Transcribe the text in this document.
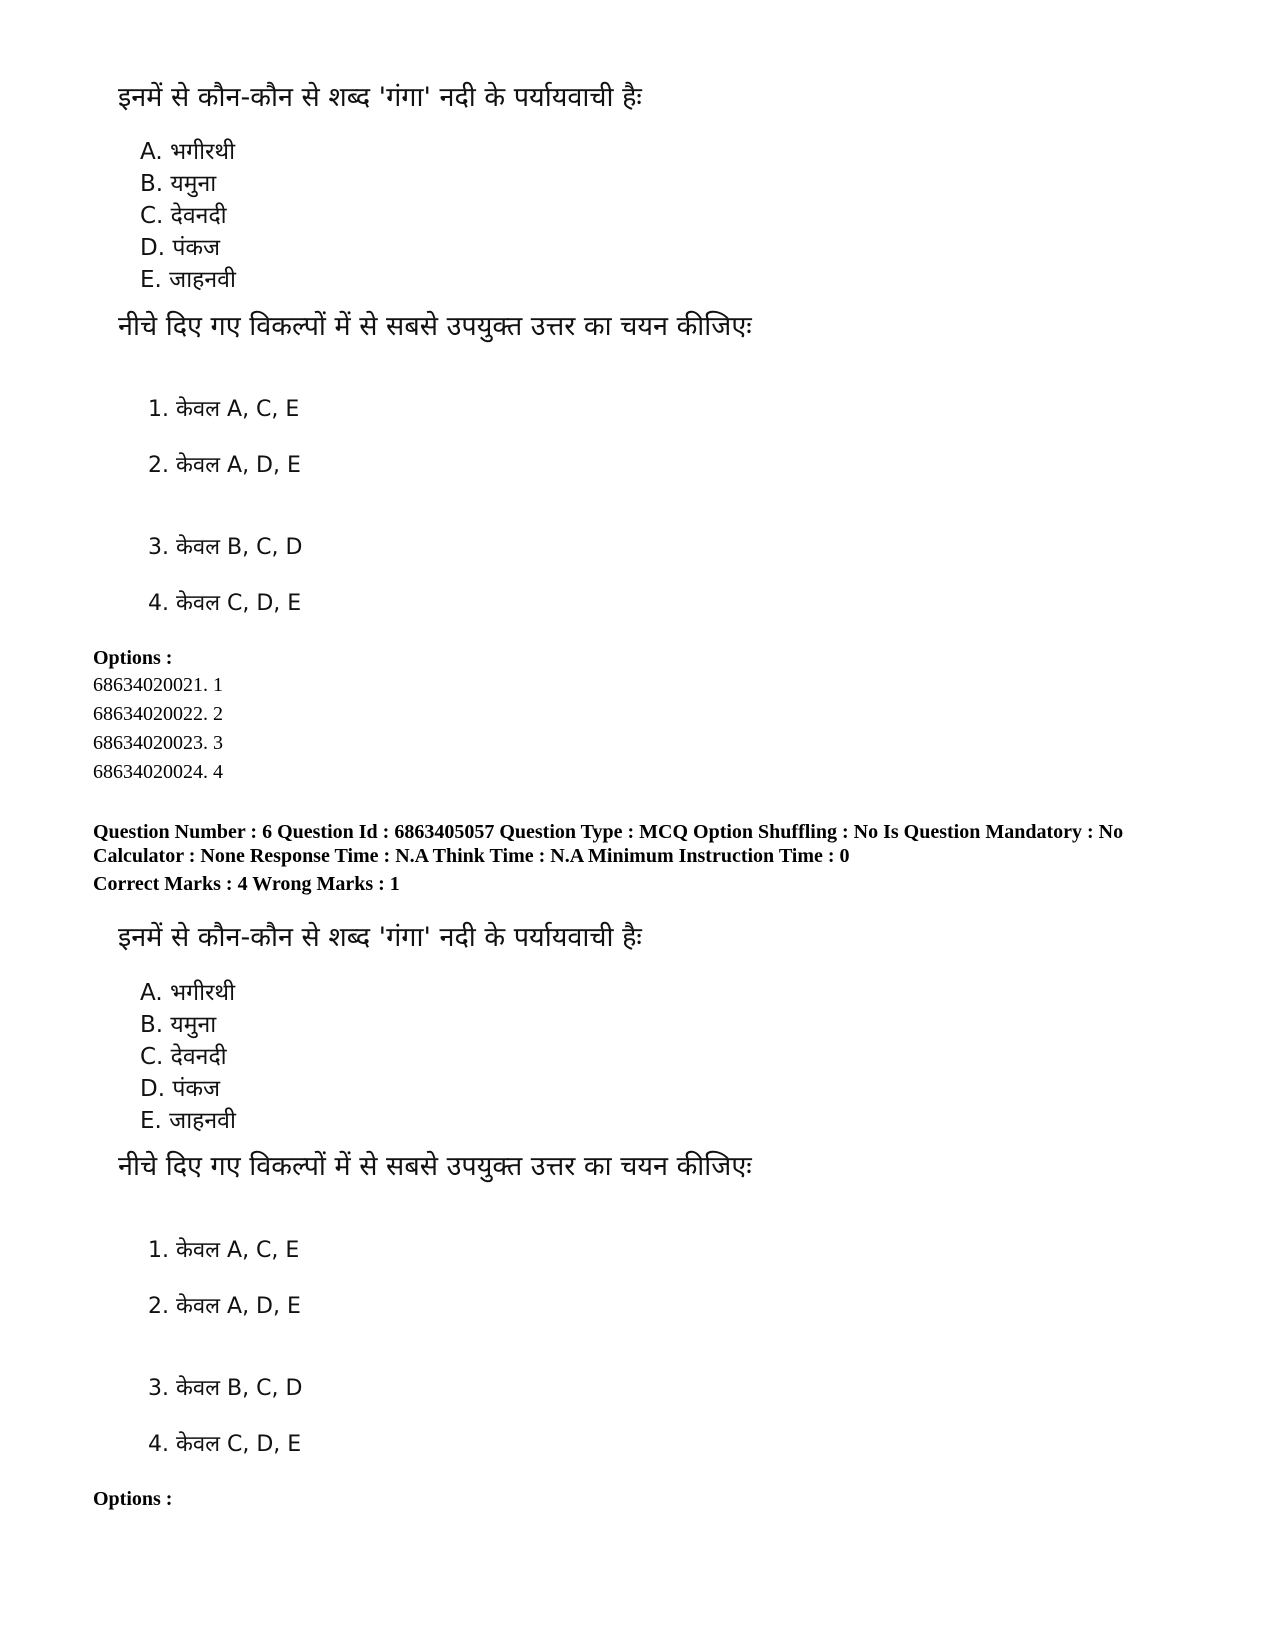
इनमें से कौन-कौन से शब्द 'गंगा' नदी के पर्यायवाची हैः

A. भगीरथी
B. यमुना
C. देवनदी
D. पंकज
E. जाहनवी

नीचे दिए गए विकल्पों में से सबसे उपयुक्त उत्तर का चयन कीजिएः

1. केवल A, C, E

2. केवल A, D, E

3. केवल B, C, D

4. केवल C, D, E

Options :

68634020021. 1
68634020022. 2
68634020023. 3
68634020024. 4

Question Number : 6 Question Id : 6863405057 Question Type : MCQ Option Shuffling : No Is Question Mandatory : No

Calculator : None Response Time : N.A Think Time : N.A Minimum Instruction Time : 0

Correct Marks : 4 Wrong Marks : 1

इनमें से कौन-कौन से शब्द 'गंगा' नदी के पर्यायवाची हैः

A. भगीरथी
B. यमुना
C. देवनदी
D. पंकज
E. जाहनवी

नीचे दिए गए विकल्पों में से सबसे उपयुक्त उत्तर का चयन कीजिएः

1. केवल A, C, E

2. केवल A, D, E

3. केवल B, C, D

4. केवल C, D, E

Options :
